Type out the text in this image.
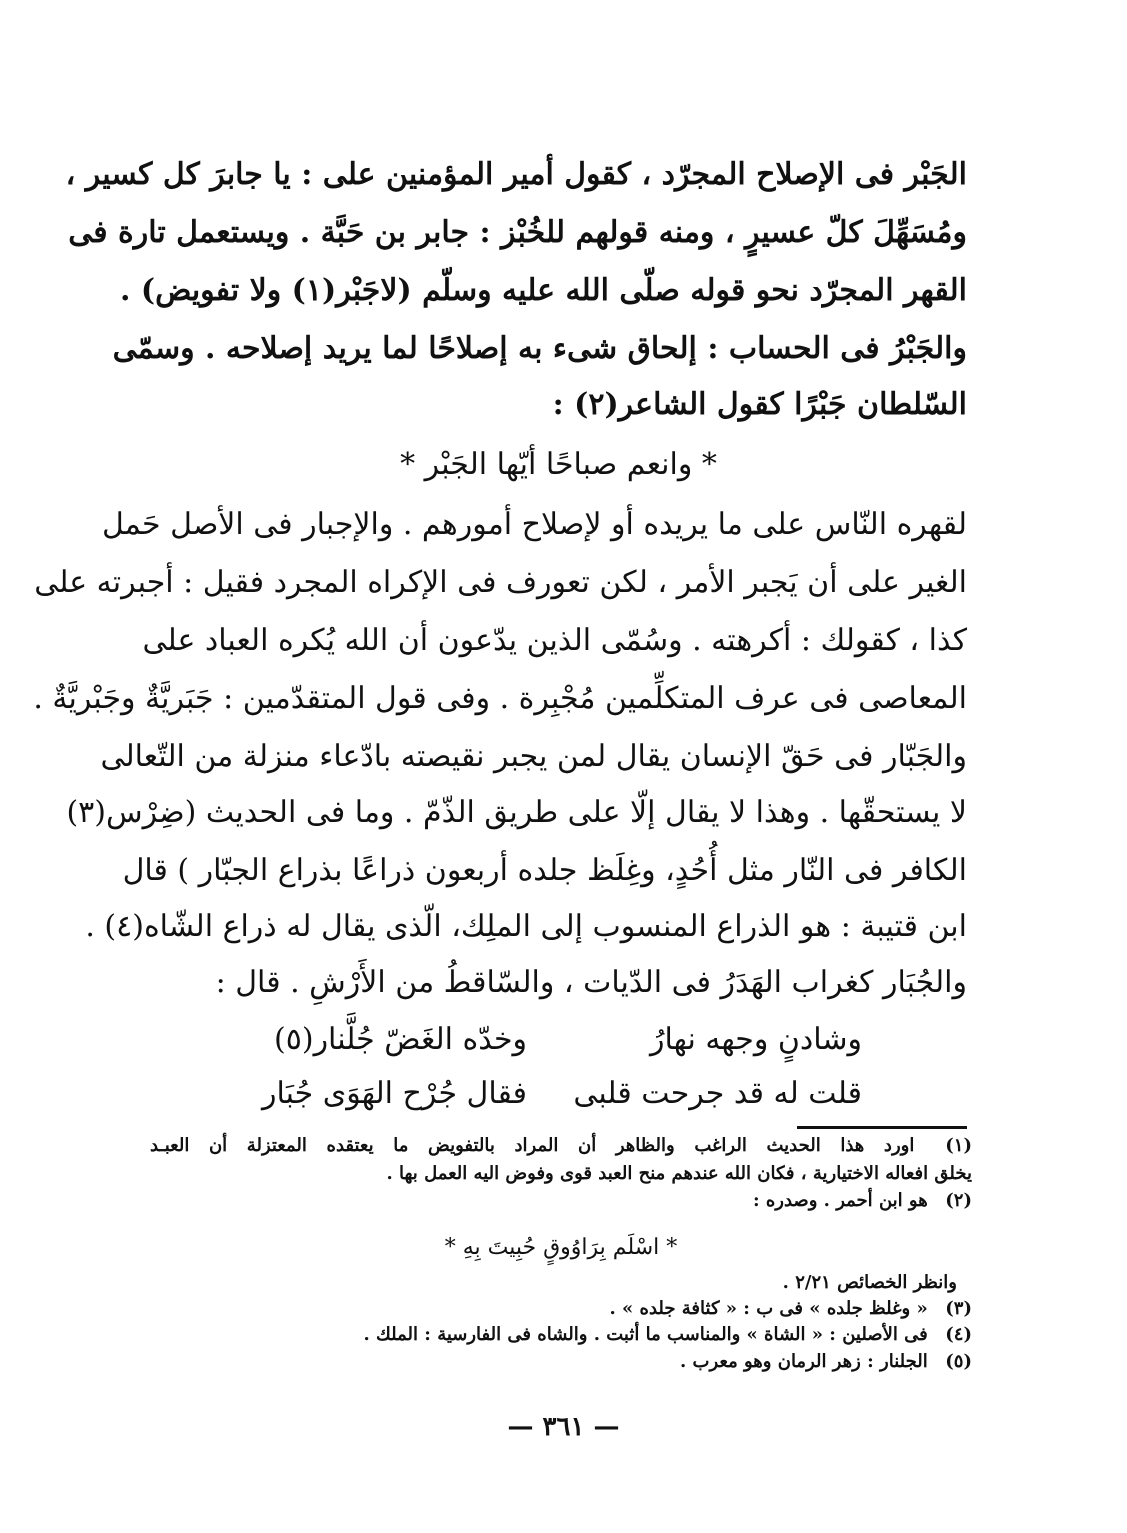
الجَبْر فى الإصلاح المجرّد ، كقول أمير المؤمنين على : يا جابرَ كل كسير ،
ومُسَهِّلَ كلّ عسيرٍ ، ومنه قولهم للخُبْز : جابر بن حَبَّة . ويستعمل تارة فى
القهر المجرّد نحو قوله صلّى الله عليه وسلّم (لاجَبْر(١) ولا تفويض) .
والجَبْرُ فى الحساب : إلحاق شىء به إصلاحًا لما يريد إصلاحه . وسمّى
السّلطان جَبْرًا كقول الشاعر(٢) :
* وانعم صباحًا أيّها الجَبْر *
لقهره النّاس على ما يريده أو لإصلاح أمورهم . والإجبار فى الأصل حَمل
الغير على أن يَجبر الأمر ، لكن تعورف فى الإكراه المجرد فقيل : أجبرته على
كذا ، كقولك : أكرهته . وسُمّى الذين يدّعون أن الله يُكره العباد على
المعاصى فى عرف المتكلِّمين مُجْبِرة . وفى قول المتقدّمين : جَبَريَّةٌ وجَبْريَّةٌ .
والجَبّار فى حَقّ الإنسان يقال لمن يجبر نقيصته بادّعاء منزلة من التّعالى
لا يستحقّها . وهذا لا يقال إلّا على طريق الذّمّ . وما فى الحديث (ضِرْس(٣)
الكافر فى النّار مثل أُحُدٍ، وغِلَظ جلده أربعون ذراعًا بذراع الجبّار ) قال
ابن قتيبة : هو الذراع المنسوب إلى الملِك، الّذى يقال له ذراع الشّاه(٤) .
والجُبَار كغراب الهَدَرُ فى الدّيات ، والسّاقطُ من الأَرْشِ . قال :
وشادنٍ وجهه نهارُ
وخدّه الغَضّ جُلَّنار(٥)
قلت له قد جرحت قلبى
فقال جُرْح الهَوَى جُبَار
(١) اورد هذا الحديث الراغب والظاهر أن المراد بالتفويض ما يعتقده المعتزلة أن العبـد
يخلق افعاله الاختيارية ، فكان الله عندهم منح العبد قوى وفوض اليه العمل بها .
(٢) هو ابن أحمر . وصدره :
* اسْلَم بِرَاوُوقٍ حُبِيتَ بِهِ *
وانظر الخصائص ٢/٢١ .
(٣) « وغلظ جلده » فى ب : « كثافة جلده » .
(٤) فى الأصلين : « الشاة » والمناسب ما أثبت . والشاه فى الفارسية : الملك .
(٥) الجلنار : زهر الرمان وهو معرب .
— ٣٦١ —
